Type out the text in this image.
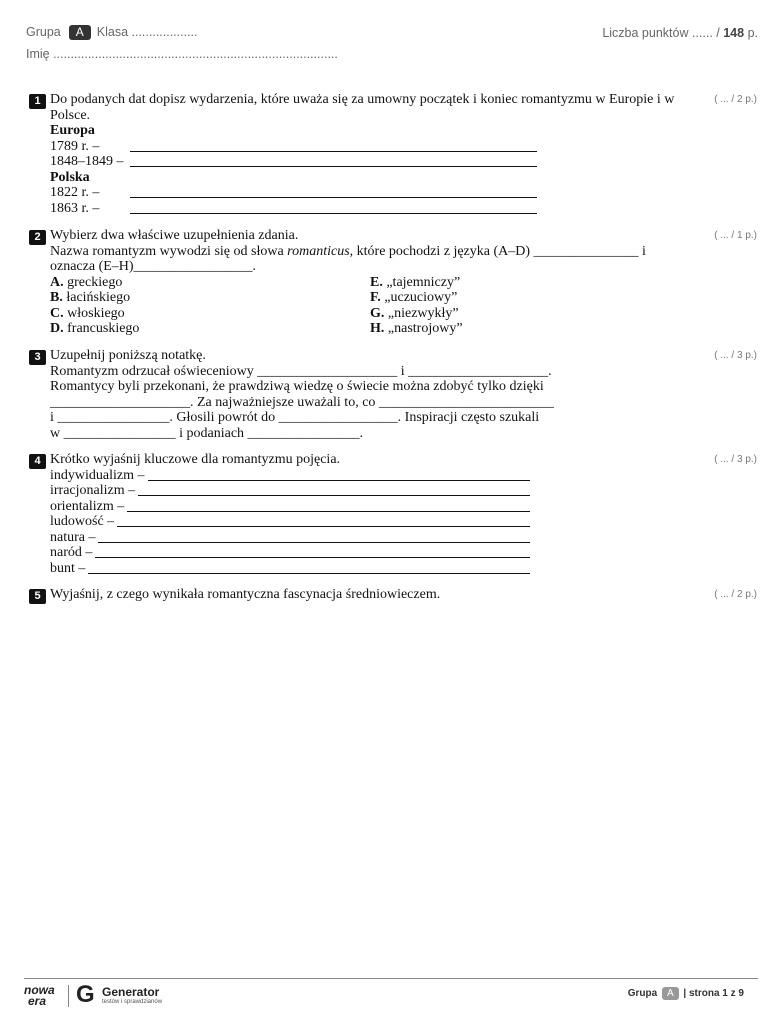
Grupa A Klasa ...................	Liczba punktów ...... / 148 p.
Imię ..................................................................................
1	( ... / 2 p.)

Do podanych dat dopisz wydarzenia, które uważa się za umowny początek i koniec romantyzmu w Europie i w Polsce.

Europa

1789 r. –
1848–1849 –

Polska

1822 r. –
1863 r. –
2	( ... / 1 p.)

Wybierz dwa właściwe uzupełnienia zdania.

Nazwa romantyzm wywodzi się od słowa romanticus, które pochodzi z języka (A–D) _______________ i oznacza (E–H)_________________.

A. greckiego

B. łacińskiego

C. włoskiego

D. francuskiego

E. „tajemniczy”

F. „uczuciowy”

G. „niezwykły”

H. „nastrojowy”

3	( ... / 3 p.)

Uzupełnij poniższą notatkę.

Romantyzm odrzucał oświeceniowy ____________________ i ____________________.

Romantycy byli przekonani, że prawdziwą wiedzę o świecie można zdobyć tylko dzięki

____________________. Za najważniejsze uważali to, co _________________________

i ________________. Głosili powrót do _________________. Inspiracji często szukali

w ________________ i podaniach ________________.

4	( ... / 3 p.)

Krótko wyjaśnij kluczowe dla romantyzmu pojęcia.

indywidualizm –
irracjonalizm –
orientalizm –
ludowość –
natura –
naród –
bunt –
5	( ... / 2 p.)

Wyjaśnij, z czego wynikała romantyczna fascynacja średniowieczem.

nowa
era	G Generator
testów i sprawdzianów
Grupa A | strona 1 z 9
